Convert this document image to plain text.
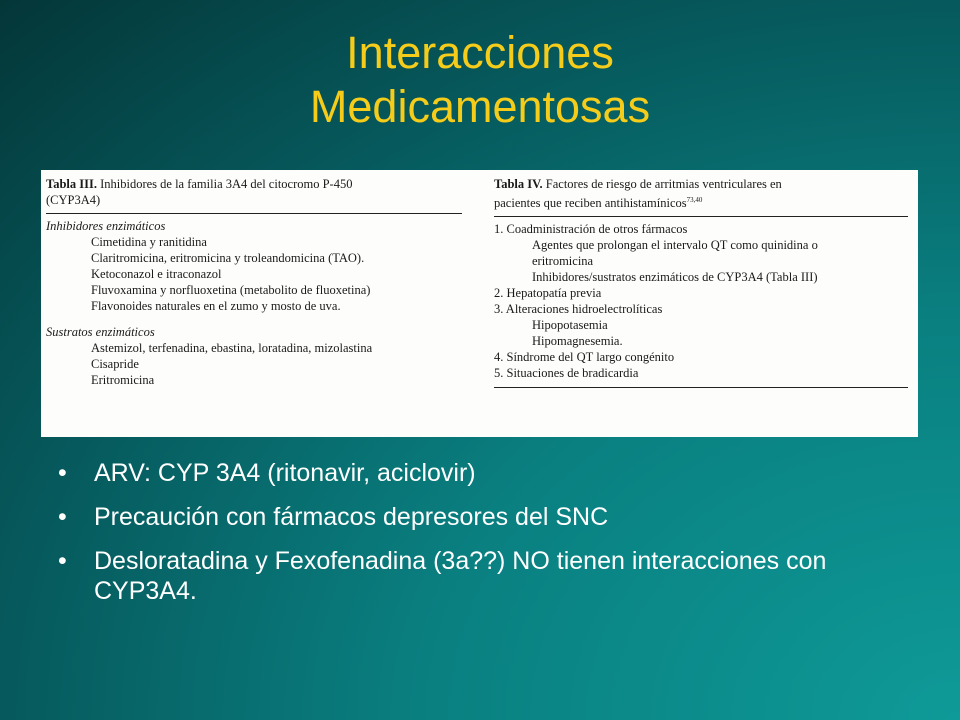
Interacciones
Medicamentosas
Tabla III. Inhibidores de la familia 3A4 del citocromo P-450
(CYP3A4)
Inhibidores enzimáticos
Cimetidina y ranitidina
Claritromicina, eritromicina y troleandomicina (TAO).
Ketoconazol e itraconazol
Fluvoxamina y norfluoxetina (metabolito de fluoxetina)
Flavonoides naturales en el zumo y mosto de uva.
Sustratos enzimáticos
Astemizol, terfenadina, ebastina, loratadina, mizolastina
Cisapride
Eritromicina
Tabla IV. Factores de riesgo de arritmias ventriculares en
pacientes que reciben antihistamínicos$^{73,40}$
1. Coadministración de otros fármacos
Agentes que prolongan el intervalo QT como quinidina o
eritromicina
Inhibidores/sustratos enzimáticos de CYP3A4 (Tabla III)
2. Hepatopatía previa
3. Alteraciones hidroelectrolíticas
Hipopotasemia
Hipomagnesemia.
4. Síndrome del QT largo congénito
5. Situaciones de bradicardia
• ARV: CYP 3A4 (ritonavir, aciclovir)
• Precaución con fármacos depresores del SNC
• Desloratadina y Fexofenadina (3a??) NO tienen interacciones con CYP3A4.
